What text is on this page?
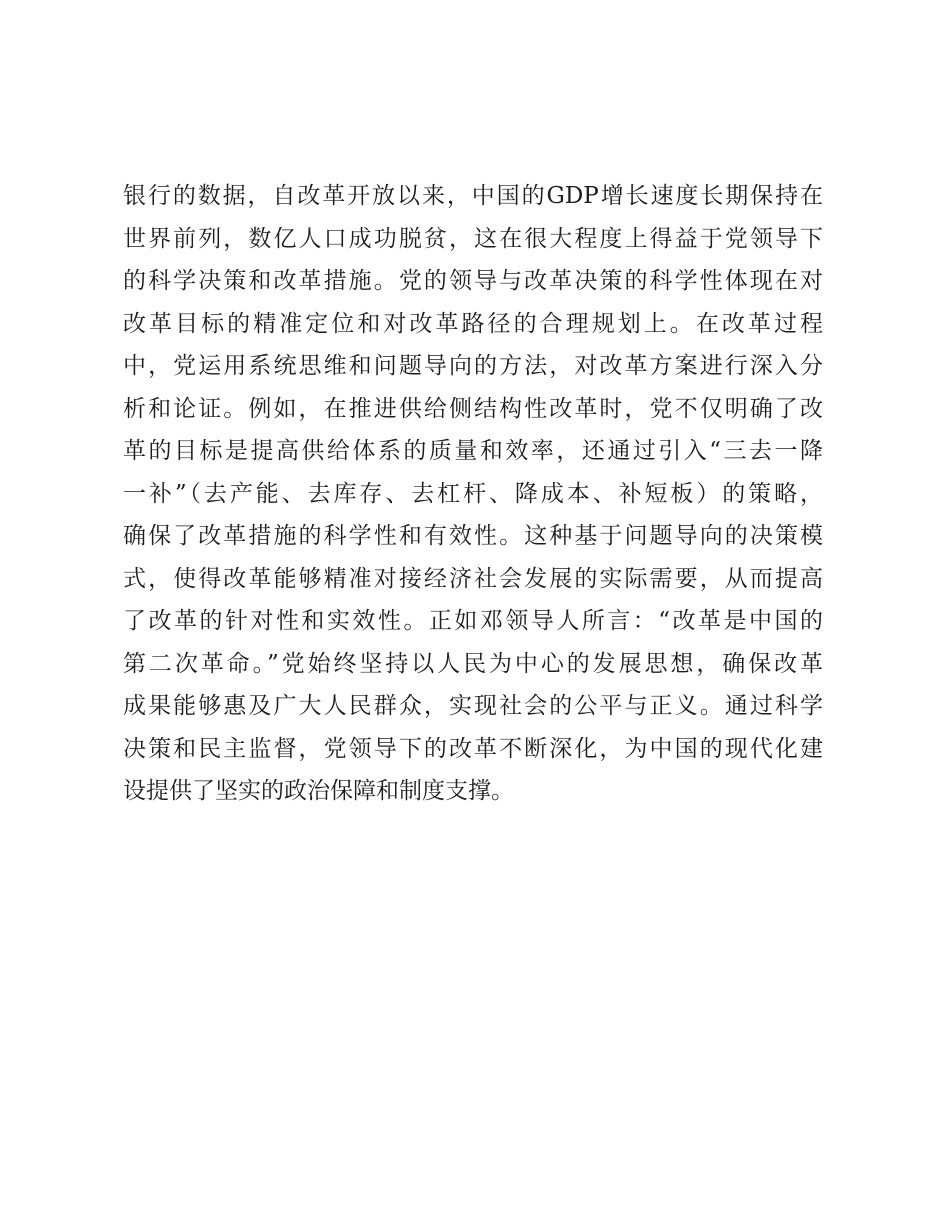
银行的数据，自改革开放以来，中国的GDP增长速度长期保持在
世界前列，数亿人口成功脱贫，这在很大程度上得益于党领导下
的科学决策和改革措施。党的领导与改革决策的科学性体现在对
改革目标的精准定位和对改革路径的合理规划上。在改革过程
中，党运用系统思维和问题导向的方法，对改革方案进行深入分
析和论证。例如，在推进供给侧结构性改革时，党不仅明确了改
革的目标是提高供给体系的质量和效率，还通过引入“三去一降
一补”（去产能、去库存、去杠杆、降成本、补短板）的策略，
确保了改革措施的科学性和有效性。这种基于问题导向的决策模
式，使得改革能够精准对接经济社会发展的实际需要，从而提高
了改革的针对性和实效性。正如邓领导人所言：“改革是中国的
第二次革命。”党始终坚持以人民为中心的发展思想，确保改革
成果能够惠及广大人民群众，实现社会的公平与正义。通过科学
决策和民主监督，党领导下的改革不断深化，为中国的现代化建
设提供了坚实的政治保障和制度支撑。
